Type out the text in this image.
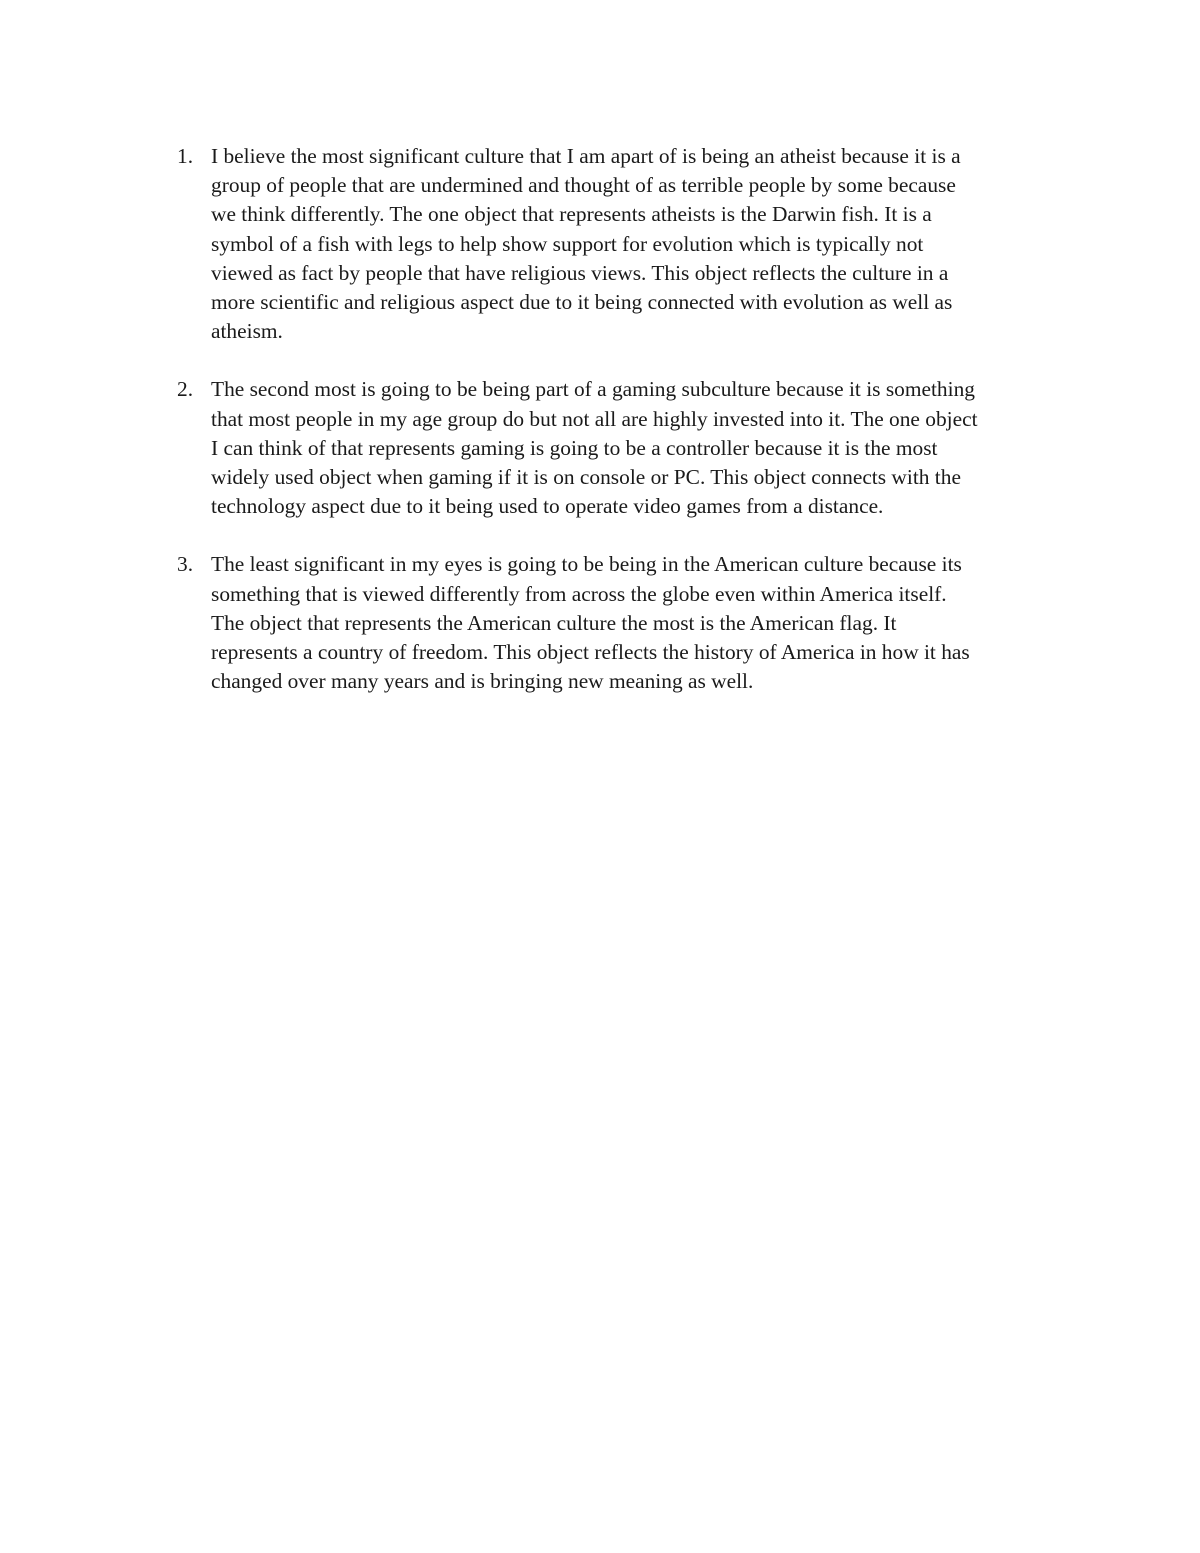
1. I believe the most significant culture that I am apart of is being an atheist because it is a
group of people that are undermined and thought of as terrible people by some because
we think differently. The one object that represents atheists is the Darwin fish. It is a
symbol of a fish with legs to help show support for evolution which is typically not
viewed as fact by people that have religious views. This object reflects the culture in a
more scientific and religious aspect due to it being connected with evolution as well as
atheism.
2. The second most is going to be being part of a gaming subculture because it is something
that most people in my age group do but not all are highly invested into it. The one object
I can think of that represents gaming is going to be a controller because it is the most
widely used object when gaming if it is on console or PC. This object connects with the
technology aspect due to it being used to operate video games from a distance.
3. The least significant in my eyes is going to be being in the American culture because its
something that is viewed differently from across the globe even within America itself.
The object that represents the American culture the most is the American flag. It
represents a country of freedom. This object reflects the history of America in how it has
changed over many years and is bringing new meaning as well.
